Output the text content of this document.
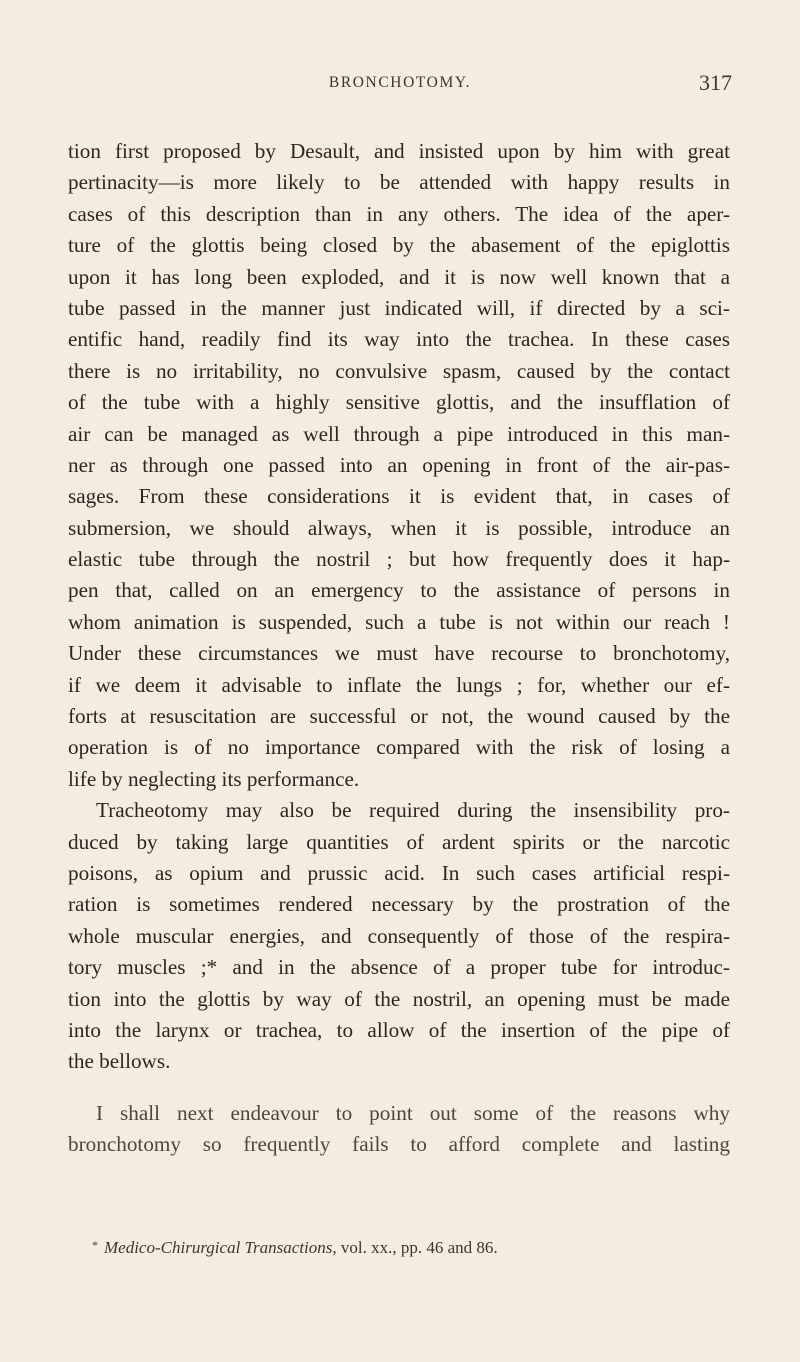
BRONCHOTOMY.	317
tion first proposed by Desault, and insisted upon by him with great
pertinacity—is more likely to be attended with happy results in
cases of this description than in any others. The idea of the aper-
ture of the glottis being closed by the abasement of the epiglottis
upon it has long been exploded, and it is now well known that a
tube passed in the manner just indicated will, if directed by a sci-
entific hand, readily find its way into the trachea. In these cases
there is no irritability, no convulsive spasm, caused by the contact
of the tube with a highly sensitive glottis, and the insufflation of
air can be managed as well through a pipe introduced in this man-
ner as through one passed into an opening in front of the air-pas-
sages. From these considerations it is evident that, in cases of
submersion, we should always, when it is possible, introduce an
elastic tube through the nostril ; but how frequently does it hap-
pen that, called on an emergency to the assistance of persons in
whom animation is suspended, such a tube is not within our reach !
Under these circumstances we must have recourse to bronchotomy,
if we deem it advisable to inflate the lungs ; for, whether our ef-
forts at resuscitation are successful or not, the wound caused by the
operation is of no importance compared with the risk of losing a
life by neglecting its performance.
Tracheotomy may also be required during the insensibility pro-
duced by taking large quantities of ardent spirits or the narcotic
poisons, as opium and prussic acid. In such cases artificial respi-
ration is sometimes rendered necessary by the prostration of the
whole muscular energies, and consequently of those of the respira-
tory muscles ;* and in the absence of a proper tube for introduc-
tion into the glottis by way of the nostril, an opening must be made
into the larynx or trachea, to allow of the insertion of the pipe of
the bellows.
I shall next endeavour to point out some of the reasons why
bronchotomy so frequently fails to afford complete and lasting
* Medico-Chirurgical Transactions, vol. xx., pp. 46 and 86.
